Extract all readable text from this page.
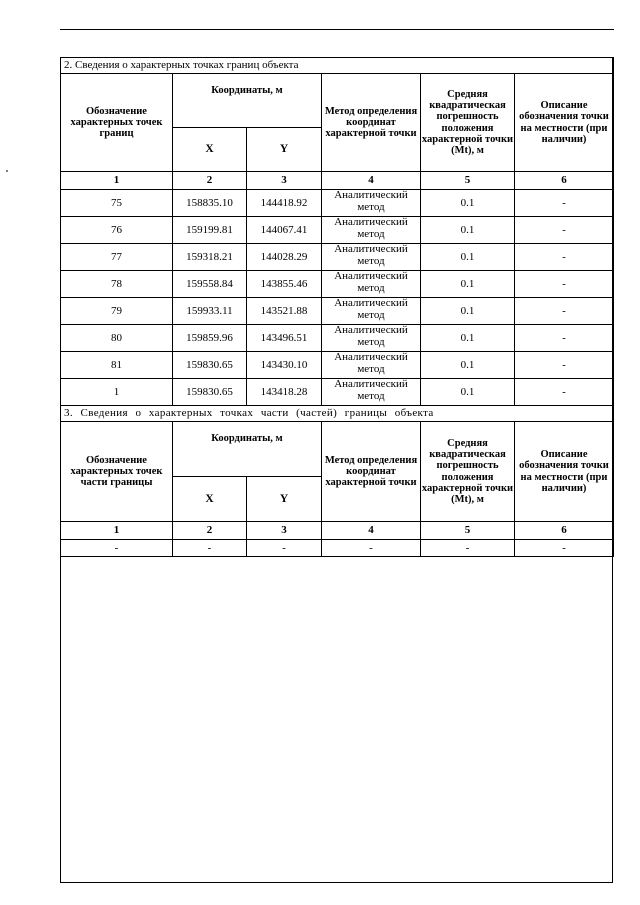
2. Сведения о характерных точках границ объекта					
Обозначение характерных точек границ	Координаты, м		Метод определения координат характерной точки	Средняя квадратическая погрешность положения характерной точки (Mt), м	Описание обозначения точки на местности (при наличии)
	X	Y			
1	2	3	4	5	6
75	158835.10	144418.92	Аналитический метод	0.1	-
76	159199.81	144067.41	Аналитический метод	0.1	-
77	159318.21	144028.29	Аналитический метод	0.1	-
78	159558.84	143855.46	Аналитический метод	0.1	-
79	159933.11	143521.88	Аналитический метод	0.1	-
80	159859.96	143496.51	Аналитический метод	0.1	-
81	159830.65	143430.10	Аналитический метод	0.1	-
1	159830.65	143418.28	Аналитический метод	0.1	-
3. Сведения о характерных точках части (частей) границы объекта					
Обозначение характерных точек части границы	Координаты, м		Метод определения координат характерной точки	Средняя квадратическая погрешность положения характерной точки (Mt), м	Описание обозначения точки на местности (при наличии)
	X	Y			
1	2	3	4	5	6
-	-	-	-	-	-
